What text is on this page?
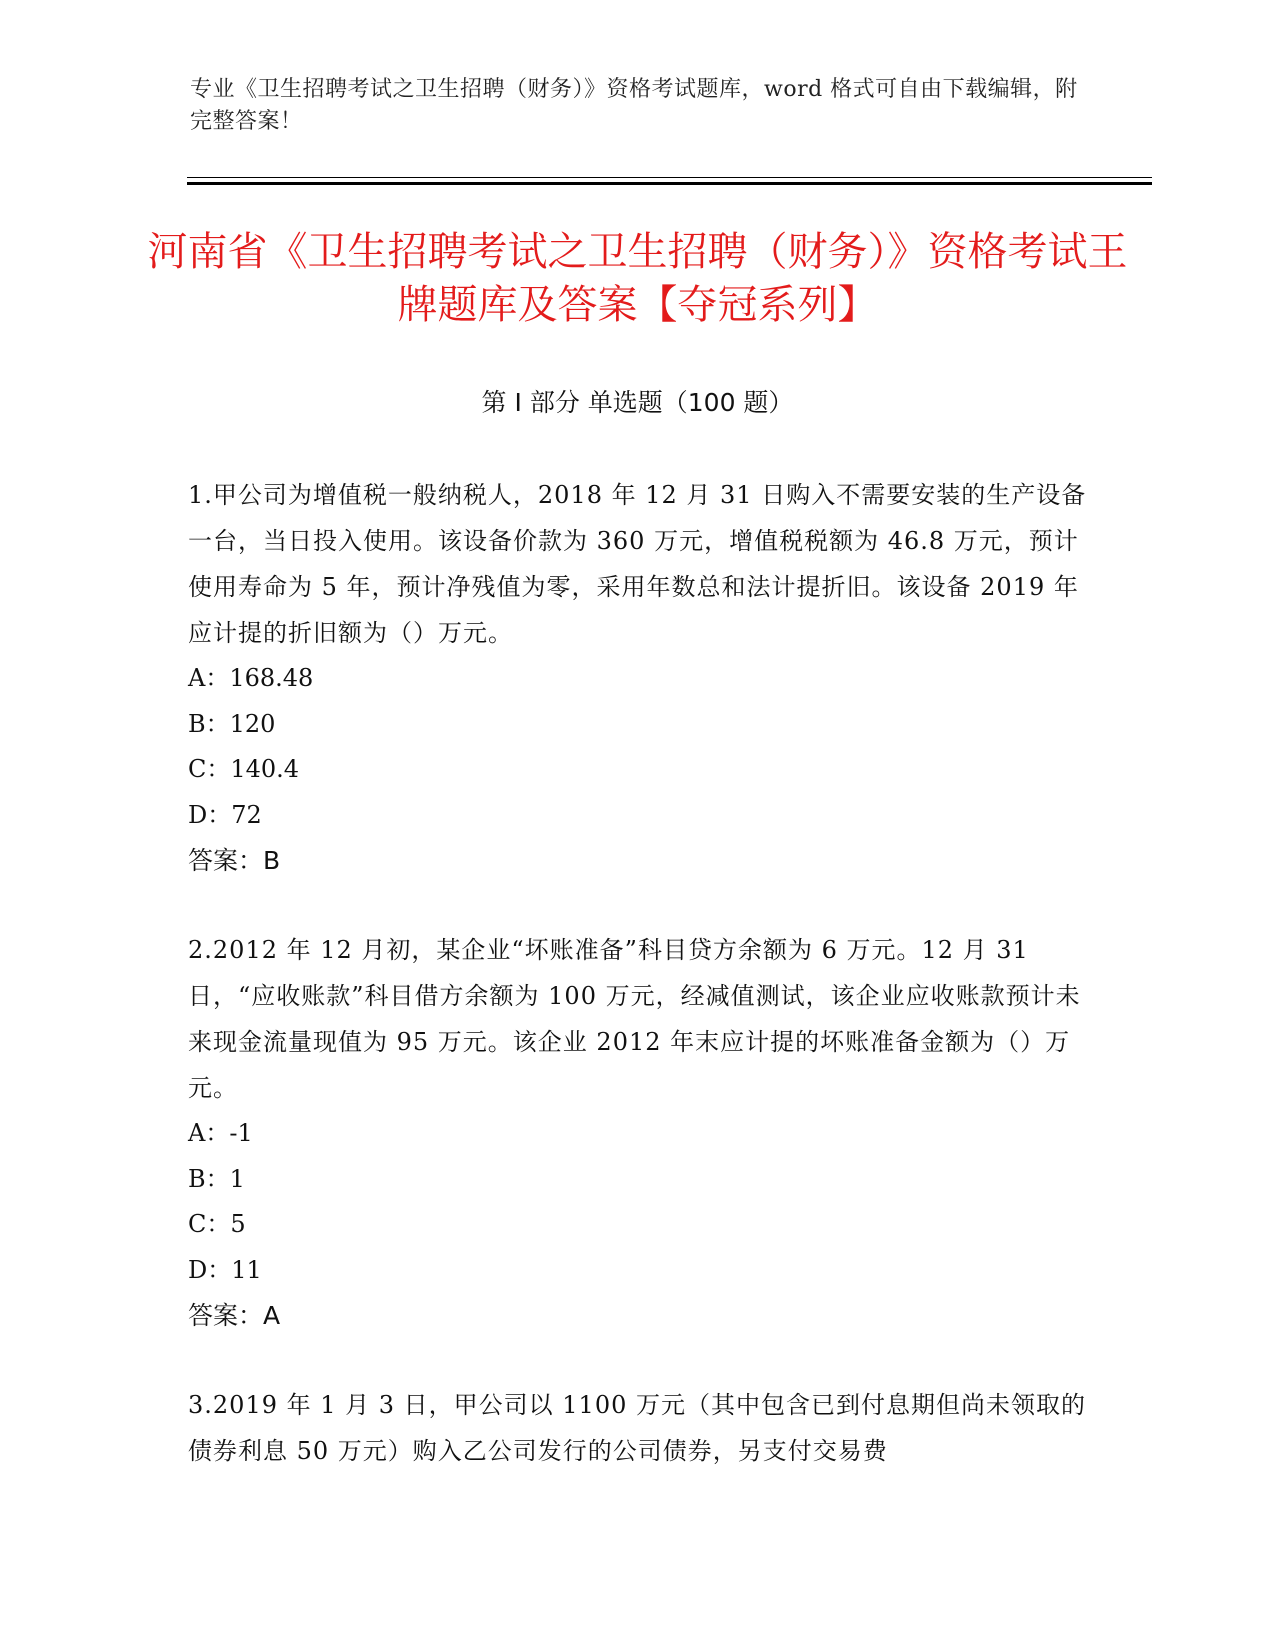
专业《卫生招聘考试之卫生招聘（财务）》资格考试题库，word 格式可自由下载编辑，附完整答案！
河南省《卫生招聘考试之卫生招聘（财务）》资格考试王牌题库及答案【夺冠系列】
第 I 部分 单选题（100 题）

1.甲公司为增值税一般纳税人，2018 年 12 月 31 日购入不需要安装的生产设备一台，当日投入使用。该设备价款为 360 万元，增值税税额为 46.8 万元，预计使用寿命为 5 年，预计净残值为零，采用年数总和法计提折旧。该设备 2019 年应计提的折旧额为（）万元。

A：168.48

B：120

C：140.4

D：72

答案：B

2.2012 年 12 月初，某企业“坏账准备”科目贷方余额为 6 万元。12 月 31 日，“应收账款”科目借方余额为 100 万元，经减值测试，该企业应收账款预计未来现金流量现值为 95 万元。该企业 2012 年末应计提的坏账准备金额为（）万元。

A：-1

B：1

C：5

D：11

答案：A

3.2019 年 1 月 3 日，甲公司以 1100 万元（其中包含已到付息期但尚未领取的债券利息 50 万元）购入乙公司发行的公司债券，另支付交易费
